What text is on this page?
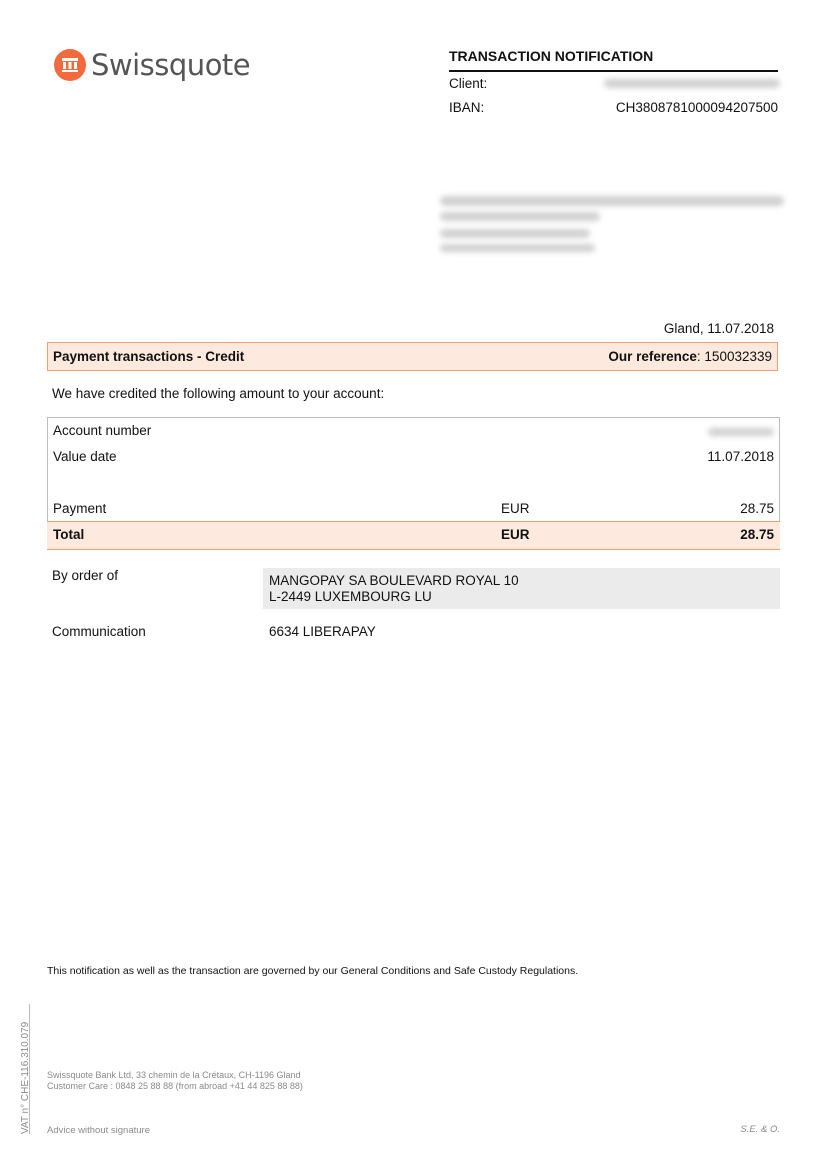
Swissquote	TRANSACTION NOTIFICATION
Client:
IBAN:	CH3808781000094207500
Gland, 11.07.2018
Payment transactions - Credit	Our reference: 150032339
We have credited the following amount to your account:
Account number
Value date	11.07.2018
Payment	EUR	28.75
Total	EUR	28.75
By order of	MANGOPAY SA BOULEVARD ROYAL 10
L-2449 LUXEMBOURG LU
Communication	6634 LIBERAPAY
This notification as well as the transaction are governed by our General Conditions and Safe Custody Regulations.
VAT n° CHE-116.310.079 Swissquote Bank Ltd, 33 chemin de la Crétaux, CH-1196 Gland
Customer Care : 0848 25 88 88 (from abroad +41 44 825 88 88)
Advice without signature	S.E. & O.
